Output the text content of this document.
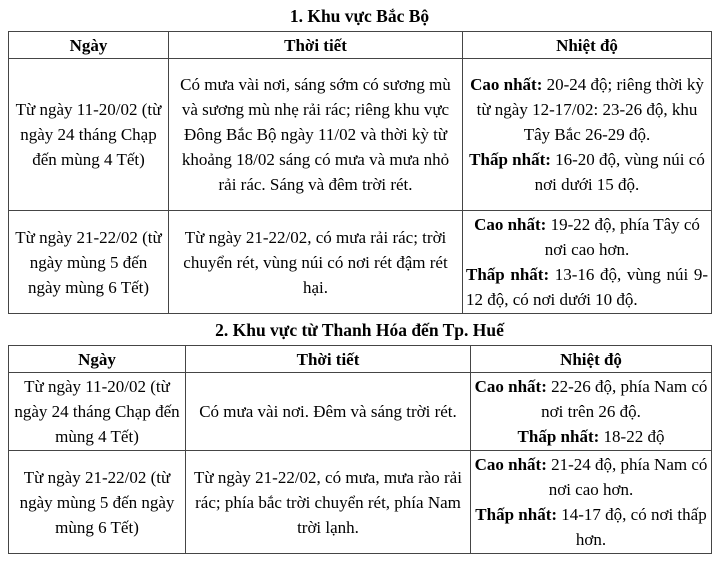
1. Khu vực Bắc Bộ
Ngày	Thời tiết	Nhiệt độ
Từ ngày 11-20/02 (từ ngày 24 tháng Chạp đến mùng 4 Tết)	Có mưa vài nơi, sáng sớm có sương mù và sương mù nhẹ rải rác; riêng khu vực Đông Bắc Bộ ngày 11/02 và thời kỳ từ khoảng 18/02 sáng có mưa và mưa nhỏ rải rác. Sáng và đêm trời rét.	Cao nhất: 20-24 độ; riêng thời kỳ từ ngày 12-17/02: 23-26 độ, khu Tây Bắc 26-29 độ.
Thấp nhất: 16-20 độ, vùng núi có nơi dưới 15 độ.

Từ ngày 21-22/02 (từ ngày mùng 5 đến ngày mùng 6 Tết)	Từ ngày 21-22/02, có mưa rải rác; trời chuyển rét, vùng núi có nơi rét đậm rét hại.	Cao nhất: 19-22 độ, phía Tây có nơi cao hơn.
Thấp nhất: 13-16 độ, vùng núi 9-12 độ, có nơi dưới 10 độ.
2. Khu vực từ Thanh Hóa đến Tp. Huế
Ngày	Thời tiết	Nhiệt độ
Từ ngày 11-20/02 (từ ngày 24 tháng Chạp đến mùng 4 Tết)	Có mưa vài nơi. Đêm và sáng trời rét.	Cao nhất: 22-26 độ, phía Nam có nơi trên 26 độ.
Thấp nhất: 18-22 độ

Từ ngày 21-22/02 (từ ngày mùng 5 đến ngày mùng 6 Tết)	Từ ngày 21-22/02, có mưa, mưa rào rải rác; phía bắc trời chuyển rét, phía Nam trời lạnh.	Cao nhất: 21-24 độ, phía Nam có nơi cao hơn.
Thấp nhất: 14-17 độ, có nơi thấp hơn.
